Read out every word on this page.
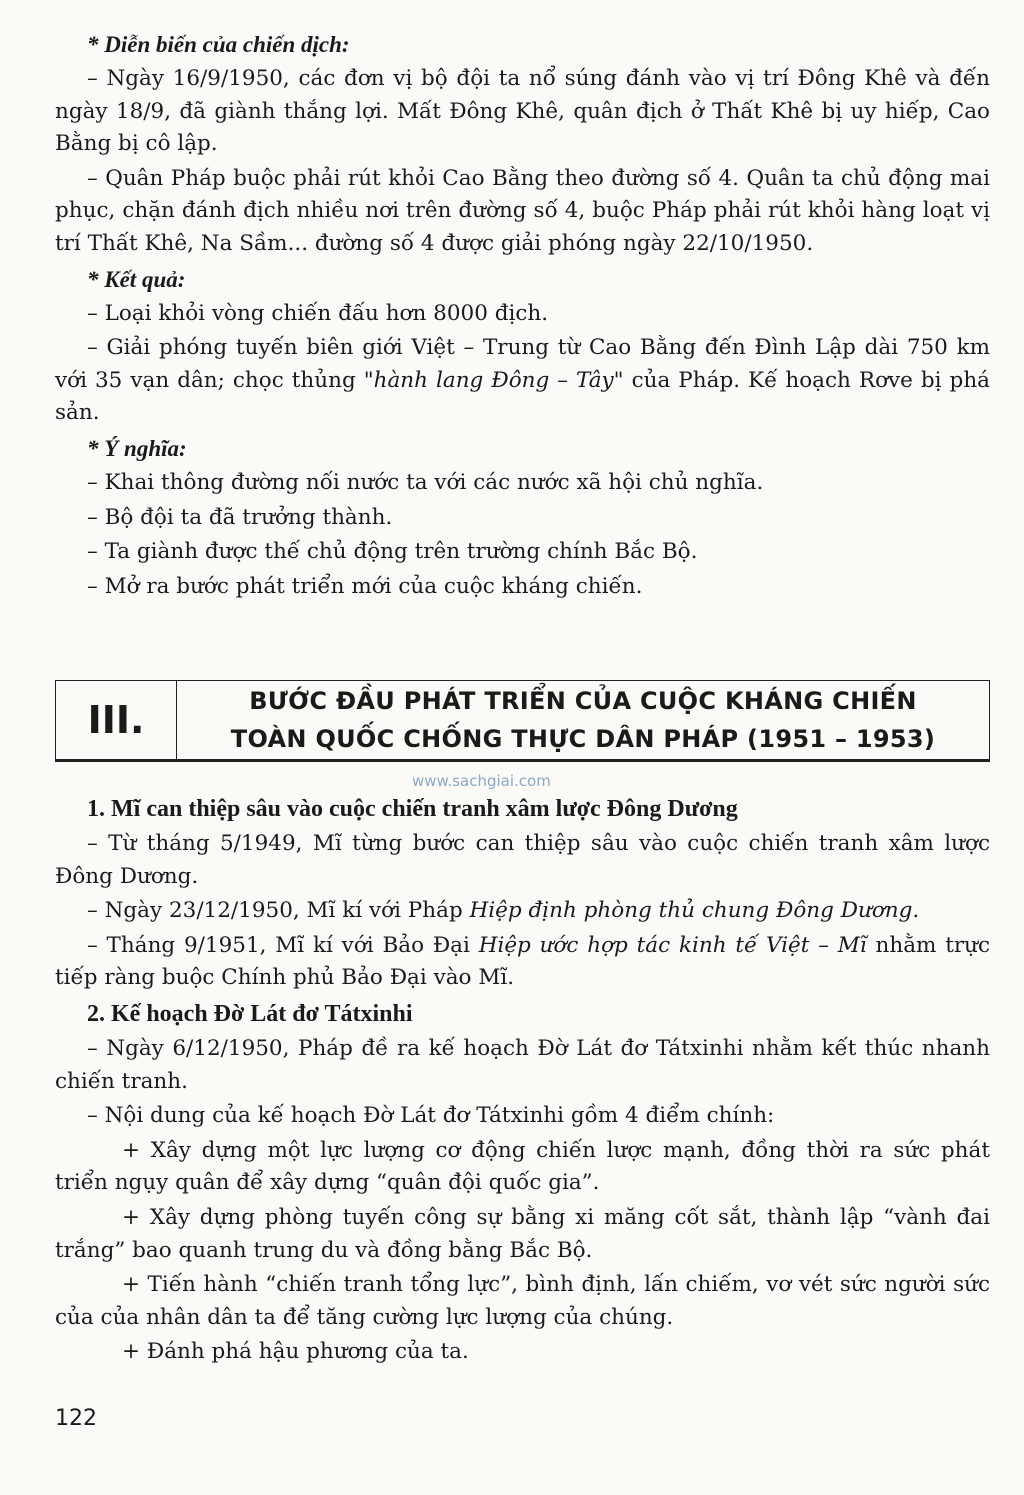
* Diễn biến của chiến dịch:

– Ngày 16/9/1950, các đơn vị bộ đội ta nổ súng đánh vào vị trí Đông Khê và đến ngày 18/9, đã giành thắng lợi. Mất Đông Khê, quân địch ở Thất Khê bị uy hiếp, Cao Bằng bị cô lập.

– Quân Pháp buộc phải rút khỏi Cao Bằng theo đường số 4. Quân ta chủ động mai phục, chặn đánh địch nhiều nơi trên đường số 4, buộc Pháp phải rút khỏi hàng loạt vị trí Thất Khê, Na Sầm... đường số 4 được giải phóng ngày 22/10/1950.

* Kết quả:

– Loại khỏi vòng chiến đấu hơn 8000 địch.

– Giải phóng tuyến biên giới Việt – Trung từ Cao Bằng đến Đình Lập dài 750 km với 35 vạn dân; chọc thủng "hành lang Đông – Tây" của Pháp. Kế hoạch Rơve bị phá sản.

* Ý nghĩa:

– Khai thông đường nối nước ta với các nước xã hội chủ nghĩa.

– Bộ đội ta đã trưởng thành.

– Ta giành được thế chủ động trên trường chính Bắc Bộ.

– Mở ra bước phát triển mới của cuộc kháng chiến.

III.	BƯỚC ĐẦU PHÁT TRIỂN CỦA CUỘC KHÁNG CHIẾN
TOÀN QUỐC CHỐNG THỰC DÂN PHÁP (1951 – 1953)
www.sachgiai.com
1. Mĩ can thiệp sâu vào cuộc chiến tranh xâm lược Đông Dương

– Từ tháng 5/1949, Mĩ từng bước can thiệp sâu vào cuộc chiến tranh xâm lược Đông Dương.

– Ngày 23/12/1950, Mĩ kí với Pháp Hiệp định phòng thủ chung Đông Dương.

– Tháng 9/1951, Mĩ kí với Bảo Đại Hiệp ước hợp tác kinh tế Việt – Mĩ nhằm trực tiếp ràng buộc Chính phủ Bảo Đại vào Mĩ.

2. Kế hoạch Đờ Lát đơ Tátxinhi

– Ngày 6/12/1950, Pháp đề ra kế hoạch Đờ Lát đơ Tátxinhi nhằm kết thúc nhanh chiến tranh.

– Nội dung của kế hoạch Đờ Lát đơ Tátxinhi gồm 4 điểm chính:

+ Xây dựng một lực lượng cơ động chiến lược mạnh, đồng thời ra sức phát triển ngụy quân để xây dựng “quân đội quốc gia”.

+ Xây dựng phòng tuyến công sự bằng xi măng cốt sắt, thành lập “vành đai trắng” bao quanh trung du và đồng bằng Bắc Bộ.

+ Tiến hành “chiến tranh tổng lực”, bình định, lấn chiếm, vơ vét sức người sức của của nhân dân ta để tăng cường lực lượng của chúng.

+ Đánh phá hậu phương của ta.

122
